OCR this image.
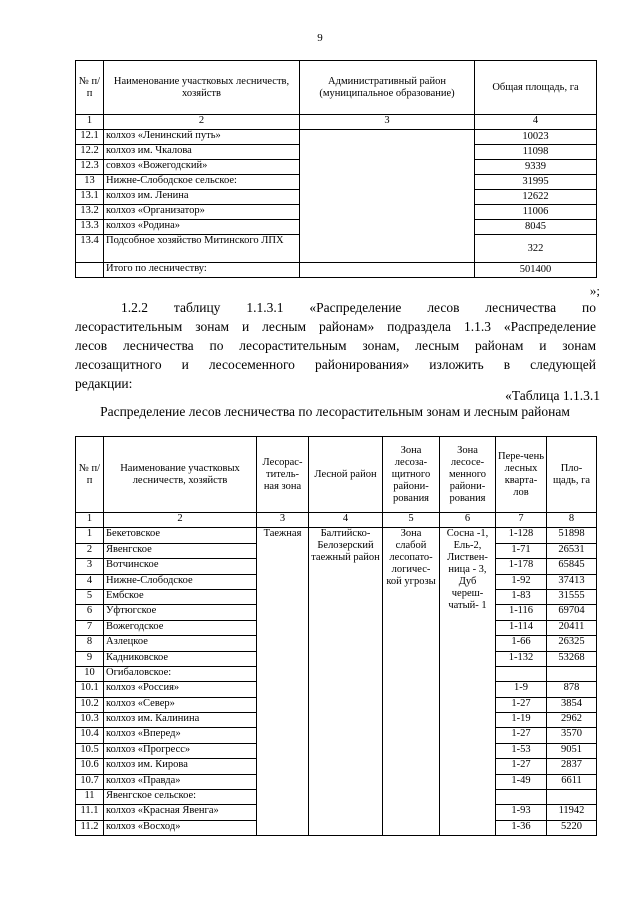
9
№ п/п	Наименование участковых лесничеств, хозяйств	Административный район (муниципальное образование)	Общая площадь, га
1	2	3	4
12.1	колхоз «Ленинский путь»		10023
12.2	колхоз им. Чкалова		11098
12.3	совхоз «Вожегодский»		9339
13	Нижне-Слободское сельское:		31995
13.1	колхоз им. Ленина		12622
13.2	колхоз «Организатор»		11006
13.3	колхоз «Родина»		8045
13.4	Подсобное хозяйство Митинского ЛПХ		322
	Итого по лесничеству:		501400
»;

1.2.2 таблицу 1.1.3.1 «Распределение лесов лесничества по

лесорастительным зонам и лесным районам» подраздела 1.1.3 «Распределение

лесов лесничества по лесорастительным зонам, лесным районам и зонам

лесозащитного и лесосеменного районирования» изложить в следующей

редакции:

«Таблица 1.1.3.1
Распределение лесов лесничества по лесорастительным зонам и лесным районам
№ п/п	Наименование участковых лесничеств, хозяйств	Лесорас-титель-ная зона	Лесной район	Зона лесоза-щитного райони-рования	Зона лесосе-менного райони-рования	Пере-чень лесных кварта-лов	Пло-щадь, га
1	2	3	4	5	6	7	8
1	Бекетовское	Таежная	Балтийско-Белозерский таежный район	Зона слабой лесопато-логичес-кой угрозы	Сосна -1, Ель-2, Листвен-ница - 3, Дуб череш-чатый- 1	1-128	51898
2	Явенгское					1-71	26531
3	Вотчинское					1-178	65845
4	Нижне-Слободское					1-92	37413
5	Ембское					1-83	31555
6	Уфтюгское					1-116	69704
7	Вожегодское					1-114	20411
8	Азлецкое					1-66	26325
9	Кадниковское					1-132	53268
10	Огибаловское:						
10.1	колхоз «Россия»					1-9	878
10.2	колхоз «Север»					1-27	3854
10.3	колхоз им. Калинина					1-19	2962
10.4	колхоз «Вперед»					1-27	3570
10.5	колхоз «Прогресс»					1-53	9051
10.6	колхоз им. Кирова					1-27	2837
10.7	колхоз «Правда»					1-49	6611
11	Явенгское сельское:						
11.1	колхоз «Красная Явенга»					1-93	11942
11.2	колхоз «Восход»					1-36	5220
